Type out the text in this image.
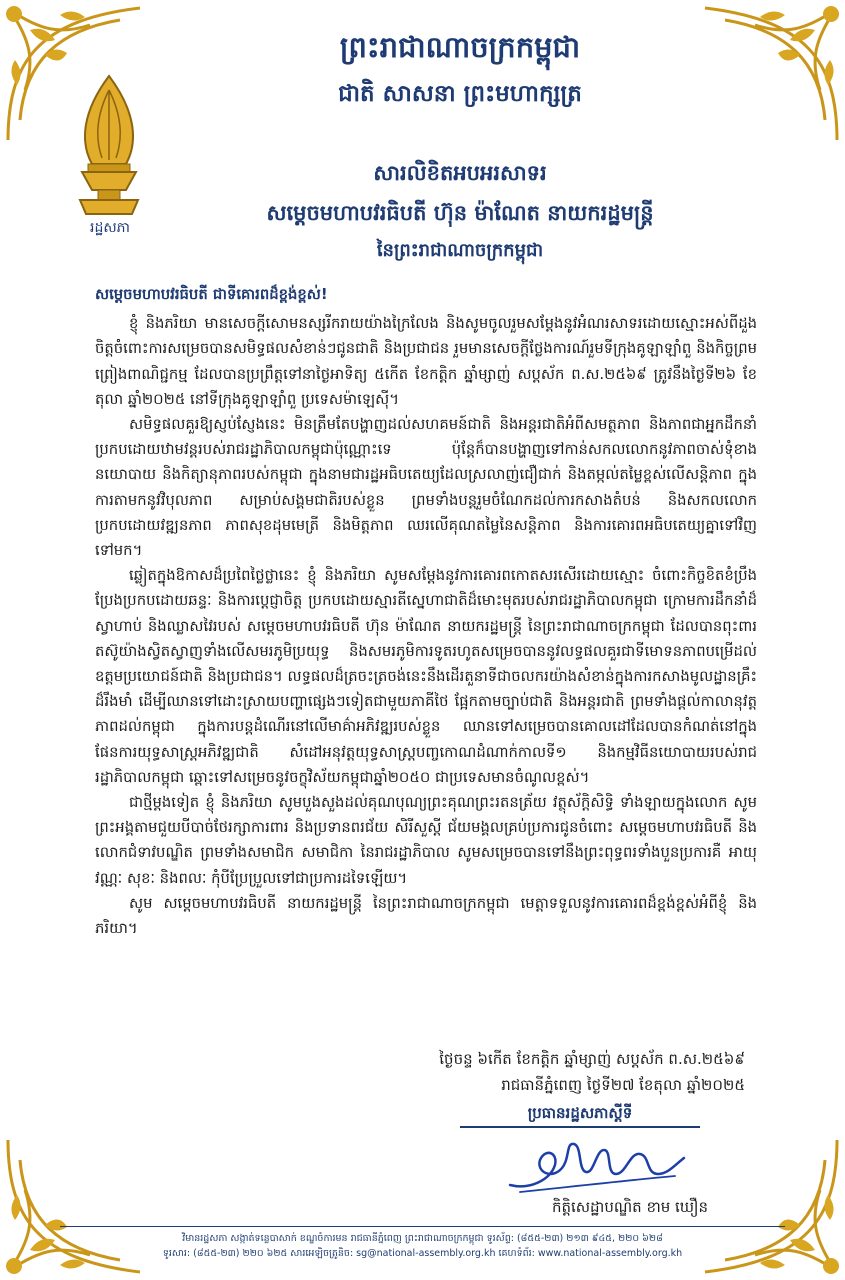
រដ្ឋសភា
ព្រះរាជាណាចក្រកម្ពុជា
ជាតិ សាសនា ព្រះមហាក្សត្រ
សារលិខិតអបអរសាទរ
សម្តេចមហាបវរធិបតី ហ៊ុន ម៉ាណែត នាយករដ្ឋមន្ត្រី
នៃព្រះរាជាណាចក្រកម្ពុជា

សម្តេចមហាបវរធិបតី ជាទីគោរពដ៏ខ្ពង់ខ្ពស់!

ខ្ញុំ និងភរិយា មានសេចក្តីសោមនស្សរីករាយយ៉ាងក្រៃលែង និងសូមចូលរួមសម្តែងនូវអំណរសាទរដោយស្មោះអស់ពីដួងចិត្តចំពោះការសម្រេចបានសមិទ្ធផលសំខាន់ៗជូនជាតិ និងប្រជាជន រួមមានសេចក្តីថ្លែងការណ៍រួមទីក្រុងគូឡាឡាំពួ និងកិច្ចព្រមព្រៀងពាណិជ្ជកម្ម ដែលបានប្រព្រឹត្តទៅនាថ្ងៃអាទិត្យ ៥កើត ខែកត្តិក ឆ្នាំម្សាញ់ សប្តស័ក ព.ស.២៥៦៩ ត្រូវនឹងថ្ងៃទី២៦ ខែតុលា ឆ្នាំ២០២៥ នៅទីក្រុងគូឡាឡាំពួ ប្រទេសម៉ាឡេស៊ី។

សមិទ្ធផលគួរឱ្យស្ញប់ស្ញែងនេះ មិនត្រឹមតែបង្ហាញដល់សហគមន៍ជាតិ និងអន្តរជាតិអំពីសមត្ថភាព និងភាពជាអ្នកដឹកនាំប្រកបដោយឋាមវន្តរបស់រាជរដ្ឋាភិបាលកម្ពុជាប៉ុណ្ណោះទេ ប៉ុន្តែក៏បានបង្ហាញទៅកាន់សកលលោកនូវភាពចាស់ទុំខាងនយោបាយ និងកិត្យានុភាពរបស់កម្ពុជា ក្នុងនាមជារដ្ឋអធិបតេយ្យដែលស្រលាញ់ជឿជាក់ និងតម្កល់តម្លៃខ្ពស់លើសន្តិភាព ក្នុងការតាមកនូវវិបុលភាព សម្រាប់សង្គមជាតិរបស់ខ្លួន ព្រមទាំងបន្តរួមចំណែកដល់ការកសាងតំបន់ និងសកលលោក ប្រកបដោយវឌ្ឍនភាព ភាពសុខដុមមេត្រី និងមិត្តភាព ឈរលើគុណតម្លៃនៃសន្តិភាព និងការគោរពអធិបតេយ្យគ្នាទៅវិញទៅមក។

ឆ្លៀតក្នុងឱកាសដ៏ប្រពៃថ្លៃថ្លានេះ ខ្ញុំ និងភរិយា សូមសម្តែងនូវការគោរពកោតសរសើរដោយស្មោះ ចំពោះកិច្ចខិតខំប្រឹងប្រែងប្រកបដោយឆន្ទៈ និងការប្តេជ្ញាចិត្ត ប្រកបដោយស្មារតីស្នេហាជាតិដ៏មោះមុតរបស់រាជរដ្ឋាភិបាលកម្ពុជា ក្រោមការដឹកនាំដ៏ស្វាហាប់ និងឈ្លាសវៃរបស់ សម្តេចមហាបវរធិបតី ហ៊ុន ម៉ាណែត នាយករដ្ឋមន្ត្រី នៃព្រះរាជាណាចក្រកម្ពុជា ដែលបានពុះពារតស៊ូយ៉ាងស្វិតស្វាញទាំងលើសមរភូមិប្រយុទ្ធ និងសមរភូមិការទូតរហូតសម្រេចបាននូវលទ្ធផលគួរជាទីមោទនភាពបម្រើដល់ឧត្តមប្រយោជន៍ជាតិ និងប្រជាជន។ លទ្ធផលដ៏ត្រចះត្រចង់នេះនឹងដើរតួនាទីជាចលករយ៉ាងសំខាន់ក្នុងការកសាងមូលដ្ឋានគ្រឹះដ៏រឹងមាំ ដើម្បីឈានទៅដោះស្រាយបញ្ហាផ្សេងៗទៀតជាមួយភាគីថៃ ផ្អែកតាមច្បាប់ជាតិ និងអន្តរជាតិ ព្រមទាំងផ្តល់កាលានុវត្តភាពដល់កម្ពុជា ក្នុងការបន្តដំណើរនៅលើមាគ៌ាអភិវឌ្ឍរបស់ខ្លួន ឈានទៅសម្រេចបានគោលដៅដែលបានកំណត់នៅក្នុងផែនការយុទ្ធសាស្ត្រអភិវឌ្ឍជាតិ សំដៅអនុវត្តយុទ្ធសាស្ត្របញ្ចកោណដំណាក់កាលទី១ និងកម្មវិធីនយោបាយរបស់រាជរដ្ឋាភិបាលកម្ពុជា ឆ្ពោះទៅសម្រេចនូវចក្ខុវិស័យកម្ពុជាឆ្នាំ២០៥០ ជាប្រទេសមានចំណូលខ្ពស់។

ជាថ្មីម្តងទៀត ខ្ញុំ និងភរិយា សូមបួងសួងដល់គុណបុណ្យព្រះគុណព្រះរតនត្រ័យ វត្ថុស័ក្តិសិទ្ធិ ទាំងឡាយក្នុងលោក សូមព្រះអង្គតាមជួយបីបាច់ថែរក្សាការពារ និងប្រទានពរជ័យ សិរីសួស្តី ជ័យមង្គលគ្រប់ប្រការជូនចំពោះ សម្តេចមហាបវរធិបតី និងលោកជំទាវបណ្ឌិត ព្រមទាំងសមាជិក សមាជិកា នៃរាជរដ្ឋាភិបាល សូមសម្រេចបានទៅនឹងព្រះពុទ្ធពរទាំងបួនប្រការគឺ អាយុ វណ្ណៈ សុខៈ និងពលៈ កុំបីប្រែប្រួលទៅជាប្រការដទៃឡើយ។

សូម សម្តេចមហាបវរធិបតី នាយករដ្ឋមន្ត្រី នៃព្រះរាជាណាចក្រកម្ពុជា មេត្តាទទួលនូវការគោរពដ៏ខ្ពង់ខ្ពស់អំពីខ្ញុំ និងភរិយា។

ថ្ងៃចន្ទ ៦កើត ខែកត្តិក ឆ្នាំម្សាញ់ សប្តស័ក ព.ស.២៥៦៩
រាជធានីភ្នំពេញ ថ្ងៃទី២៧ ខែតុលា ឆ្នាំ២០២៥
ប្រធានរដ្ឋសភាស្តីទី
កិត្តិសេដ្ឋាបណ្ឌិត ខាម ឃឿន
វិមានរដ្ឋសភា សង្កាត់ទន្លេបាសាក់ ខណ្ឌចំការមន រាជធានីភ្នំពេញ ព្រះរាជាណាចក្រកម្ពុជា ទូរស័ព្ទ: (៨៥៥-២៣) ២១៣ ៩៤៥, ២២០ ៦២៨
ទូរសារ: (៨៥៥-២៣) ២២០ ៦២៥ សារអេឡិចត្រូនិច: sg@national-assembly.org.kh គេហទំព័រ: www.national-assembly.org.kh
